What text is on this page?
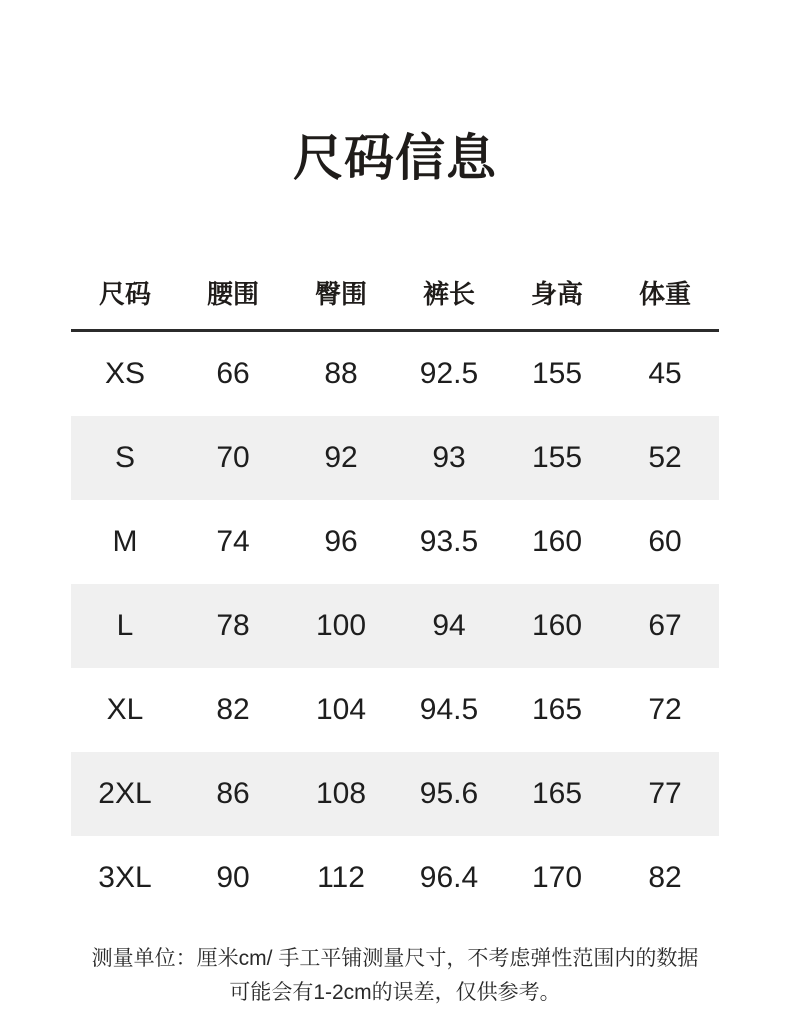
尺码信息
尺码	腰围	臀围	裤长	身高	体重
XS	66	88	92.5	155	45
S	70	92	93	155	52
M	74	96	93.5	160	60
L	78	100	94	160	67
XL	82	104	94.5	165	72
2XL	86	108	95.6	165	77
3XL	90	112	96.4	170	82
测量单位：厘米cm/ 手工平铺测量尺寸，不考虑弹性范围内的数据
可能会有1-2cm的误差，仅供参考。
